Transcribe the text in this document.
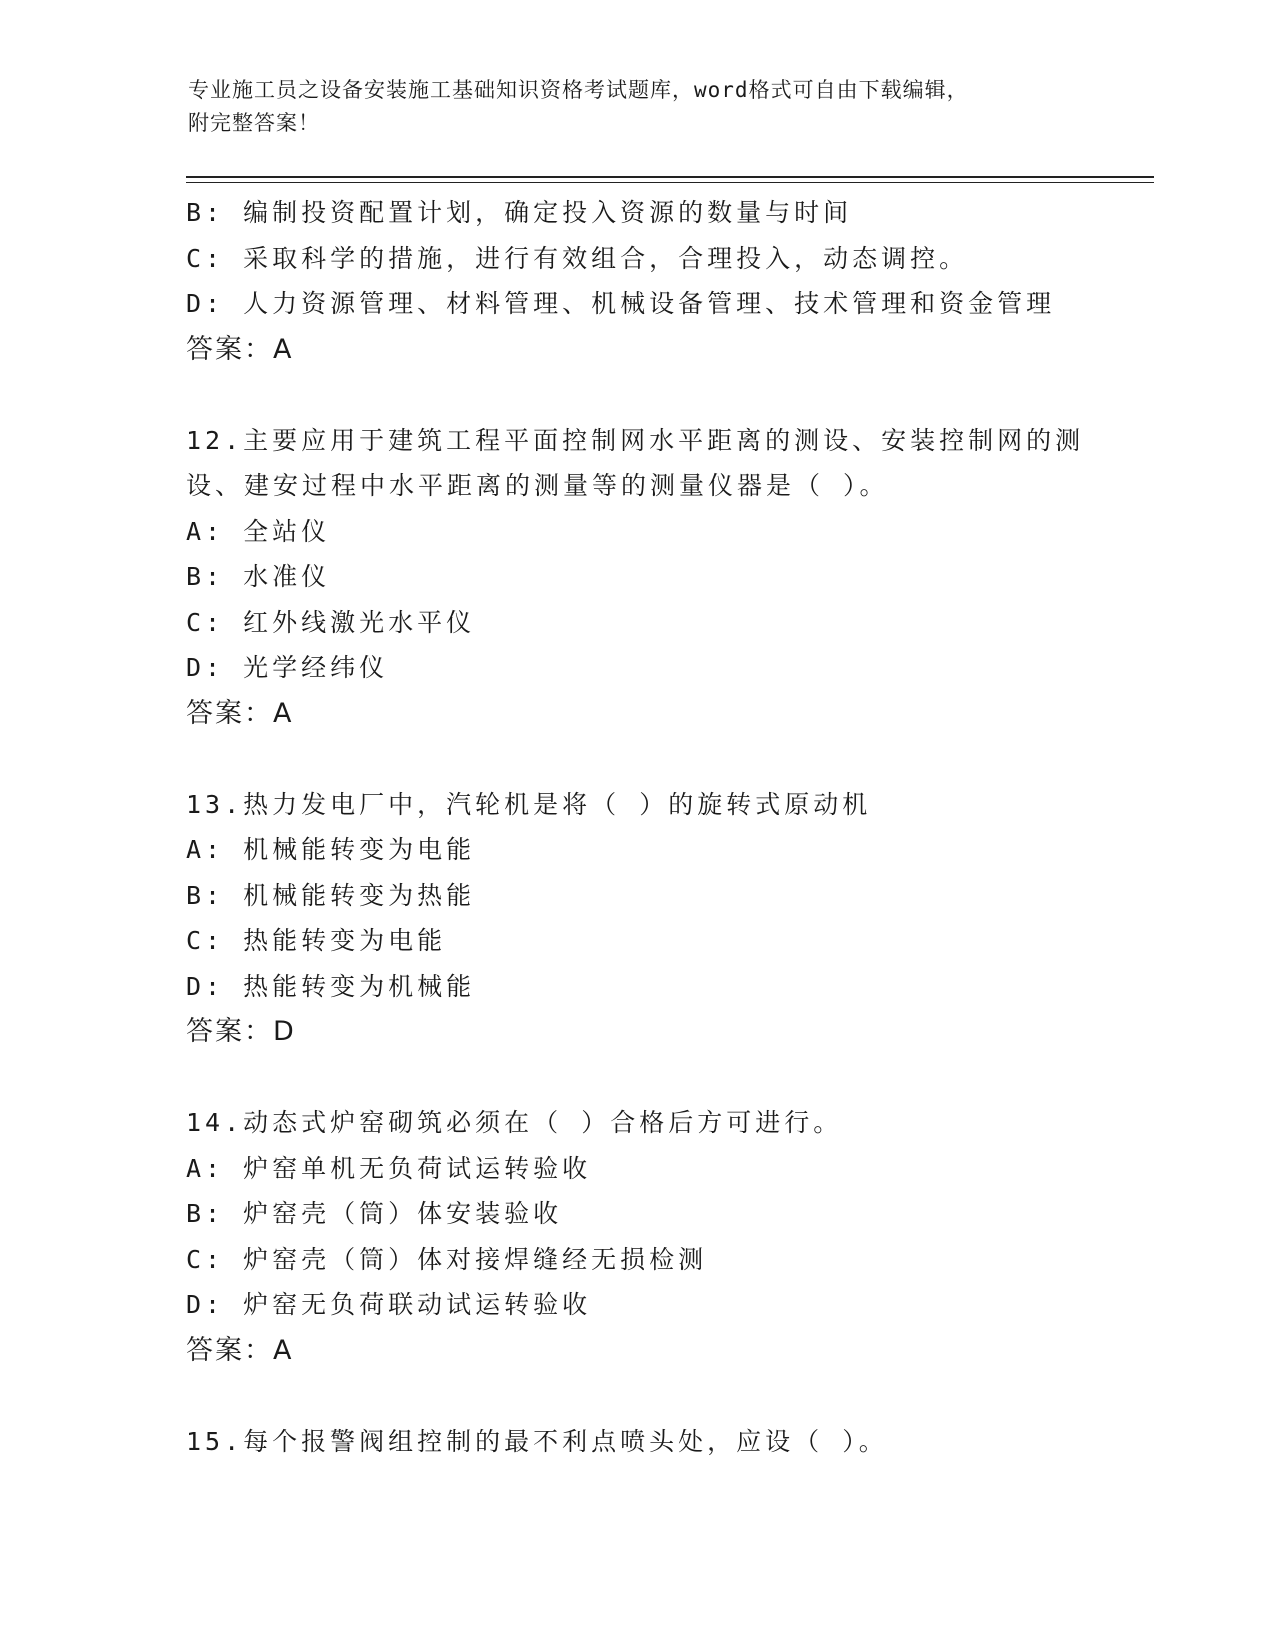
专业施工员之设备安装施工基础知识资格考试题库，word格式可自由下载编辑，
附完整答案！
B: 编制投资配置计划，确定投入资源的数量与时间
C: 采取科学的措施，进行有效组合，合理投入，动态调控。
D: 人力资源管理、材料管理、机械设备管理、技术管理和资金管理
答案：A
12.主要应用于建筑工程平面控制网水平距离的测设、安装控制网的测
设、建安过程中水平距离的测量等的测量仪器是（ ）。
A: 全站仪
B: 水准仪
C: 红外线激光水平仪
D: 光学经纬仪
答案：A
13.热力发电厂中，汽轮机是将（ ）的旋转式原动机
A: 机械能转变为电能
B: 机械能转变为热能
C: 热能转变为电能
D: 热能转变为机械能
答案：D
14.动态式炉窑砌筑必须在（ ）合格后方可进行。
A: 炉窑单机无负荷试运转验收
B: 炉窑壳（筒）体安装验收
C: 炉窑壳（筒）体对接焊缝经无损检测
D: 炉窑无负荷联动试运转验收
答案：A
15.每个报警阀组控制的最不利点喷头处，应设（ ）。
